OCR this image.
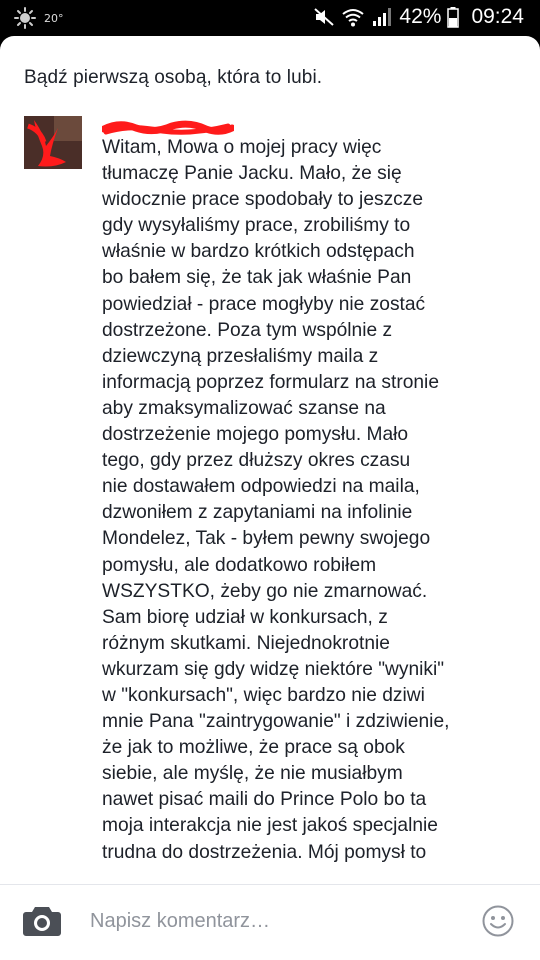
20°	42% 09:24
Bądź pierwszą osobą, która to lubi.
Witam, Mowa o mojej pracy więc
tłumaczę Panie Jacku. Mało, że się
widocznie prace spodobały to jeszcze
gdy wysyłaliśmy prace, zrobiliśmy to
właśnie w bardzo krótkich odstępach
bo bałem się, że tak jak właśnie Pan
powiedział - prace mogłyby nie zostać
dostrzeżone. Poza tym wspólnie z
dziewczyną przesłaliśmy maila z
informacją poprzez formularz na stronie
aby zmaksymalizować szanse na
dostrzeżenie mojego pomysłu. Mało
tego, gdy przez dłuższy okres czasu
nie dostawałem odpowiedzi na maila,
dzwoniłem z zapytaniami na infolinie
Mondelez, Tak - byłem pewny swojego
pomysłu, ale dodatkowo robiłem
WSZYSTKO, żeby go nie zmarnować.
Sam biorę udział w konkursach, z
różnym skutkami. Niejednokrotnie
wkurzam się gdy widzę niektóre "wyniki"
w "konkursach", więc bardzo nie dziwi
mnie Pana "zaintrygowanie" i zdziwienie,
że jak to możliwe, że prace są obok
siebie, ale myślę, że nie musiałbym
nawet pisać maili do Prince Polo bo ta
moja interakcja nie jest jakoś specjalnie
trudna do dostrzeżenia. Mój pomysł to
Napisz komentarz…
